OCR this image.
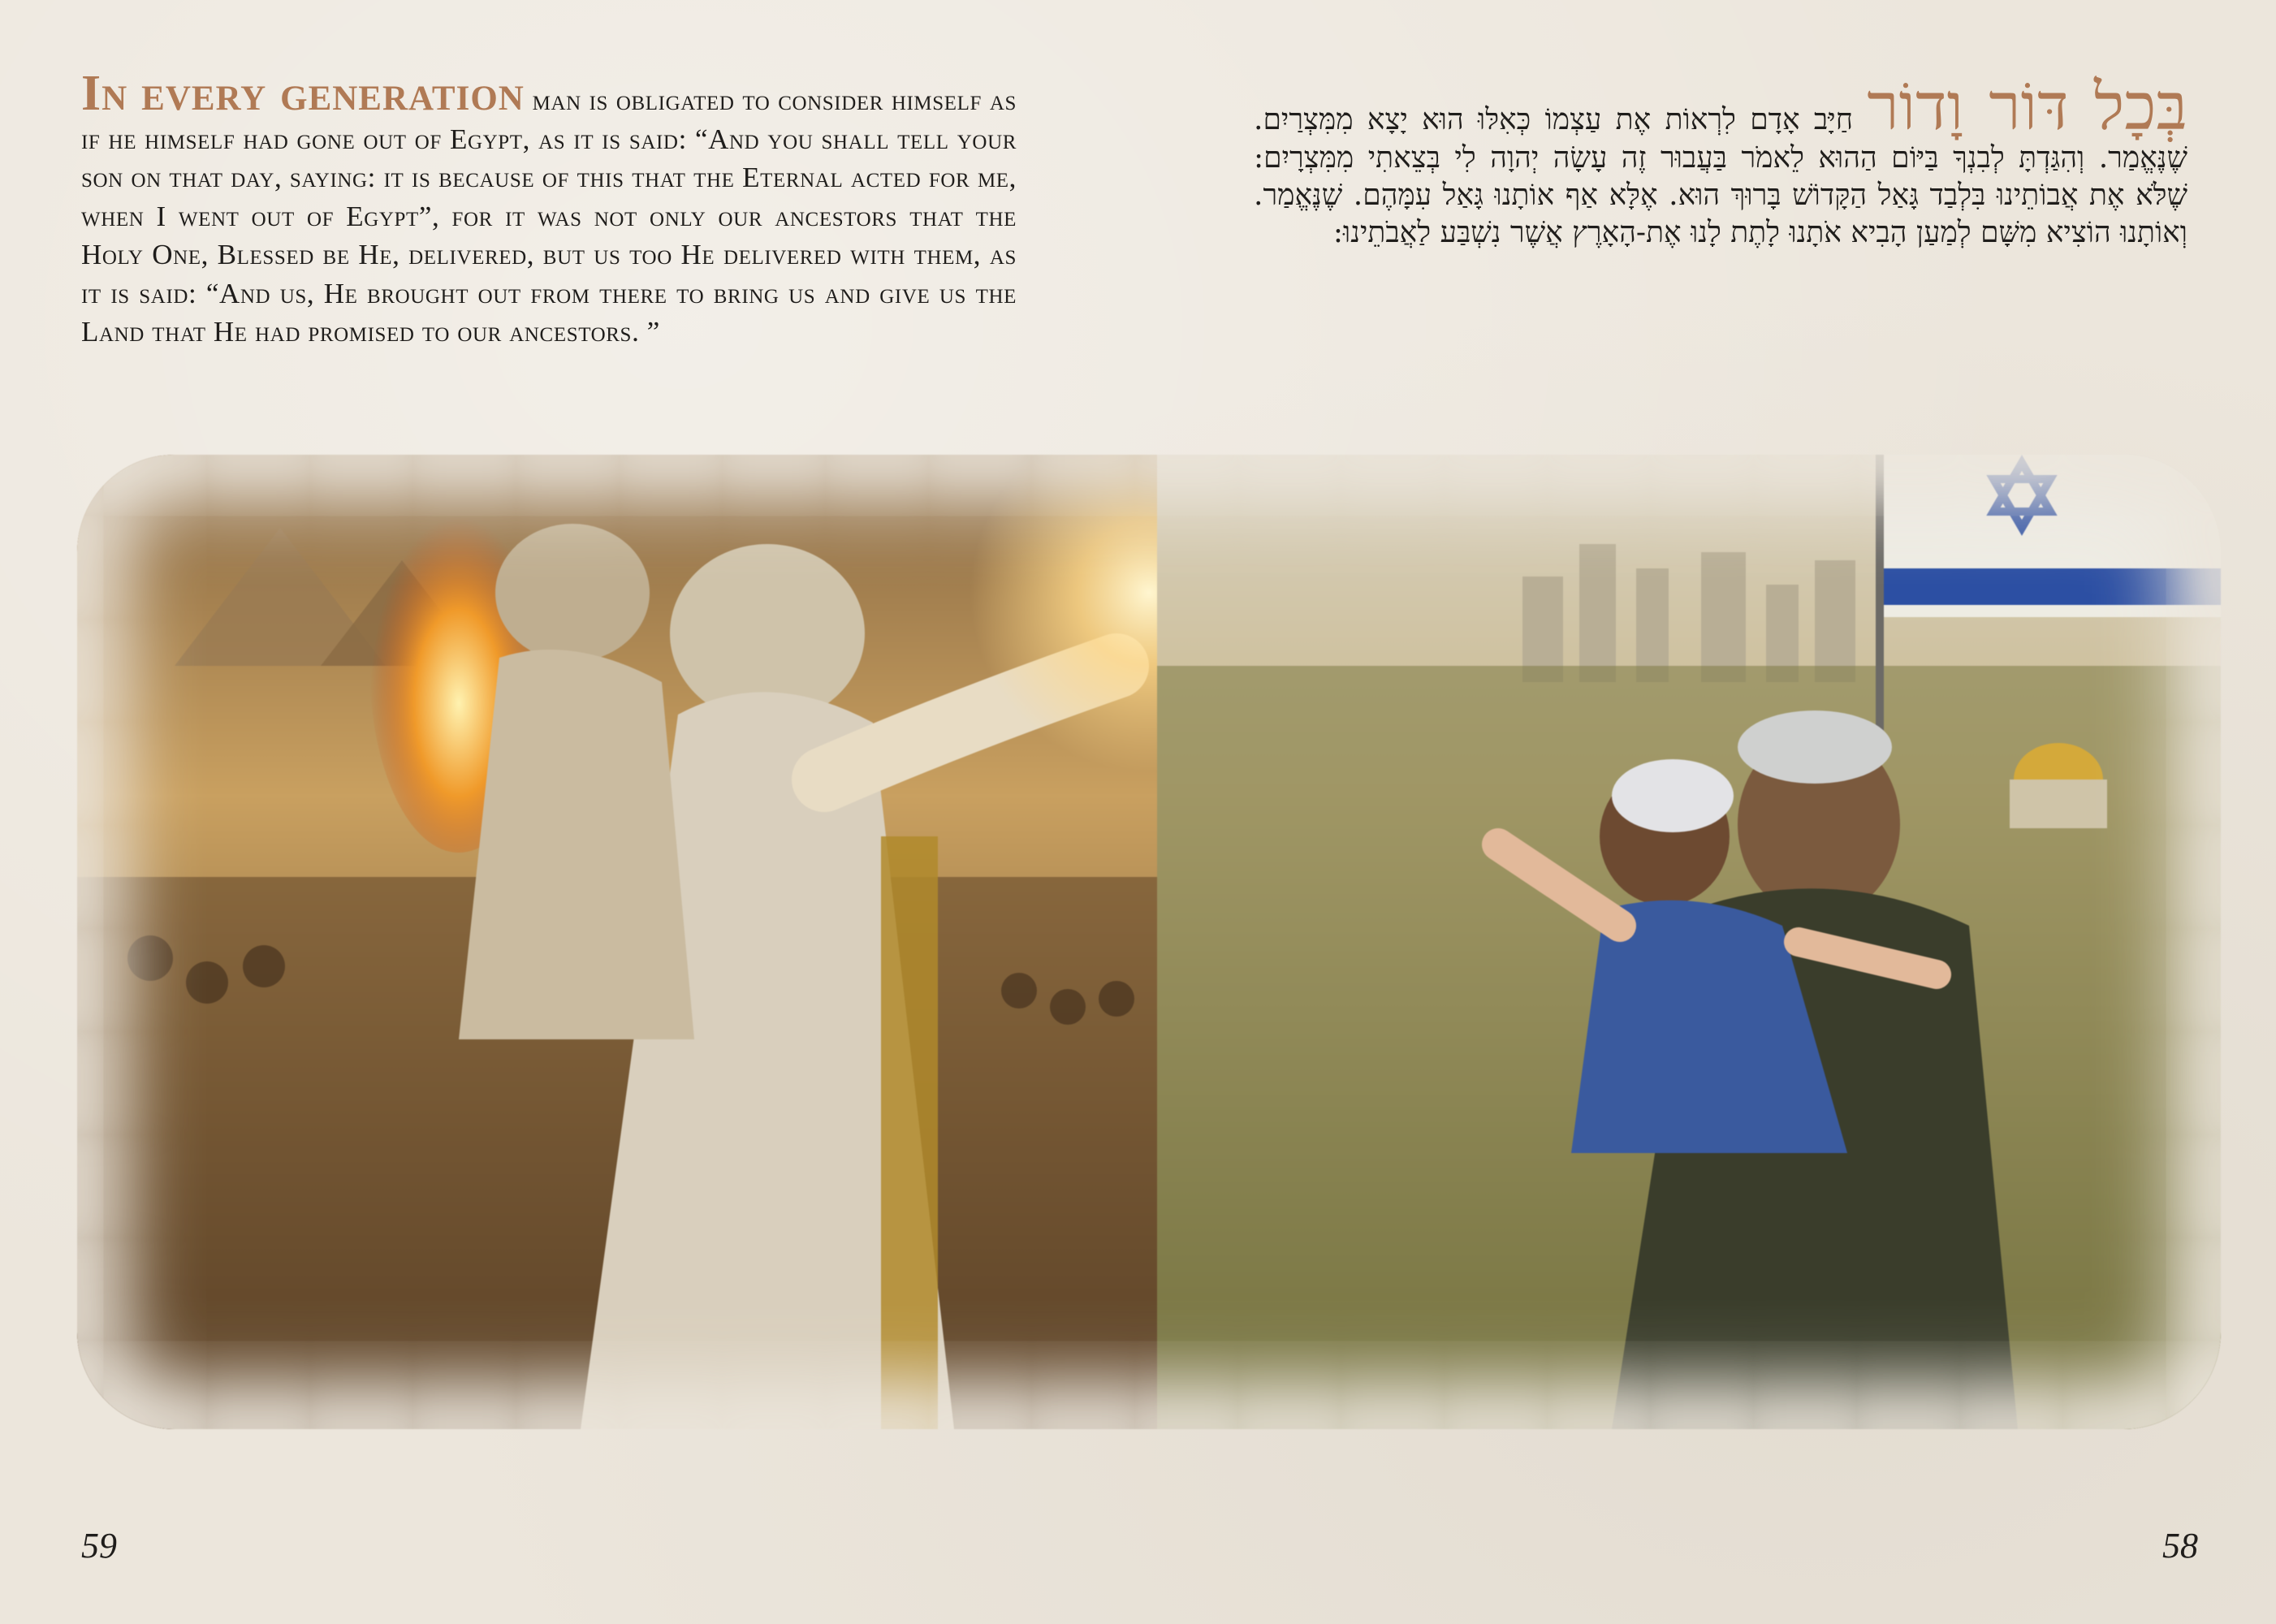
In every generation man is obligated to consider himself as if he himself had gone out of Egypt, as it is said: “And you shall tell your son on that day, saying: it is because of this that the Eternal acted for me, when I went out of Egypt”, for it was not only our ancestors that the Holy One, Blessed be He, delivered, but us too He delivered with them, as it is said: “And us, He brought out from there to bring us and give us the Land that He had promised to our ancestors. ”

בְּכָל דּוֹר וָדוֹר חַיָּב אָדָם לִרְאוֹת אֶת עַצְמוֹ כְּאִלּוּ הוּא יָצָא מִמִּצְרַיִם. שֶׁנֶּאֱמַר. וְהִגַּדְתָּ לְבִנְךָ בַּיּוֹם הַהוּא לֵאמֹר בַּעֲבוּר זֶה עָשָׂה יְהוָה לִי בְּצֵאתִי מִמִּצְרָיִם: שֶׁלֹּא אֶת אֲבוֹתֵינוּ בִּלְבַד גָּאַל הַקָּדוֹשׁ בָּרוּךְ הוּא. אֶלָּא אַף אוֹתָנוּ גָּאַל עִמָּהֶם. שֶׁנֶּאֱמַר. וְאוֹתָנוּ הוֹצִיא מִשָּׁם לְמַעַן הָבִיא אֹתָנוּ לָתֶת לָנוּ אֶת-הָאָרֶץ אֲשֶׁר נִשְׁבַּע לַאֲבֹתֵינוּ:

59	58
